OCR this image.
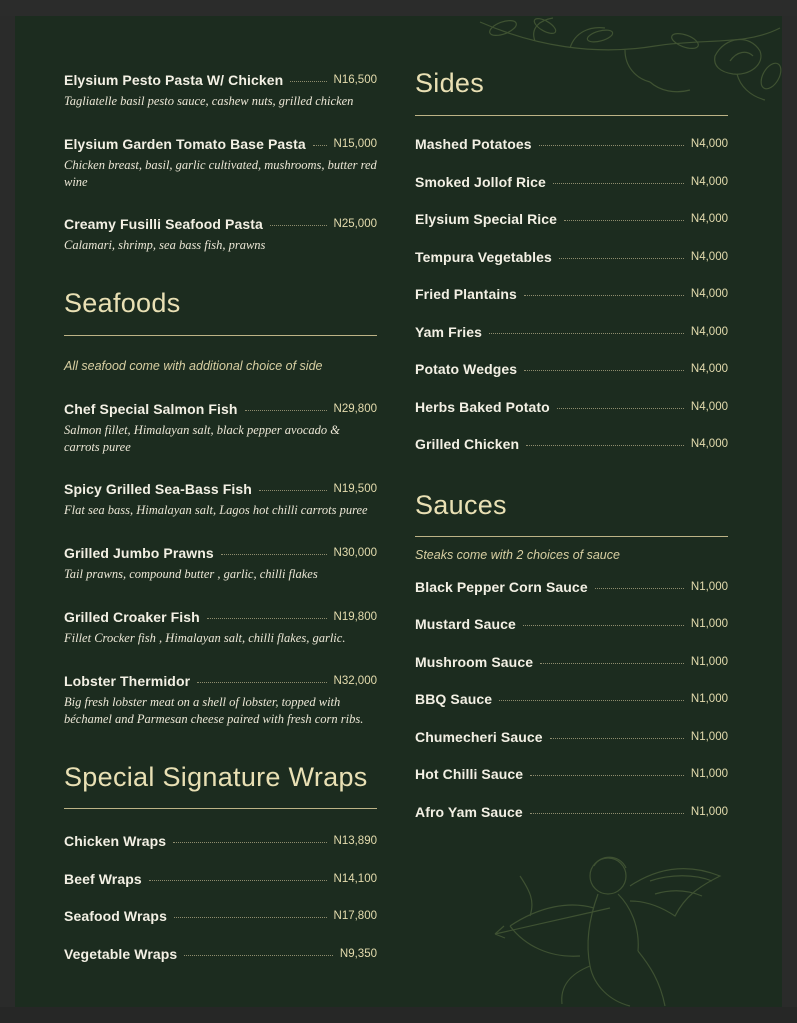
Elysium Pesto Pasta W/ Chicken	N16,500
Tagliatelle basil pesto sauce, cashew nuts, grilled chicken
Elysium Garden Tomato Base Pasta N15,000
Chicken breast, basil, garlic cultivated, mushrooms, butter red wine
Creamy Fusilli Seafood Pasta	N25,000
Calamari, shrimp, sea bass fish, prawns
Seafoods
All seafood come with additional choice of side
Chef Special Salmon Fish	N29,800
Salmon fillet, Himalayan salt, black pepper avocado & carrots puree
Spicy Grilled Sea-Bass Fish	N19,500
Flat sea bass, Himalayan salt, Lagos hot chilli carrots puree
Grilled Jumbo Prawns	N30,000
Tail prawns, compound butter , garlic, chilli flakes
Grilled Croaker Fish	N19,800
Fillet Crocker fish , Himalayan salt, chilli flakes, garlic.
Lobster Thermidor	N32,000
Big fresh lobster meat on a shell of lobster, topped with béchamel and Parmesan cheese paired with fresh corn ribs.
Special Signature Wraps
Chicken Wraps	N13,890
Beef Wraps	N14,100
Seafood Wraps	N17,800
Vegetable Wraps	N9,350
Sides
Mashed Potatoes	N4,000
Smoked Jollof Rice	N4,000
Elysium Special Rice	N4,000
Tempura Vegetables	N4,000
Fried Plantains	N4,000
Yam Fries	N4,000
Potato Wedges	N4,000
Herbs Baked Potato	N4,000
Grilled Chicken	N4,000
Sauces
Steaks come with 2 choices of sauce
Black Pepper Corn Sauce	N1,000
Mustard Sauce	N1,000
Mushroom Sauce	N1,000
BBQ Sauce	N1,000
Chumecheri Sauce	N1,000
Hot Chilli Sauce	N1,000
Afro Yam Sauce	N1,000
